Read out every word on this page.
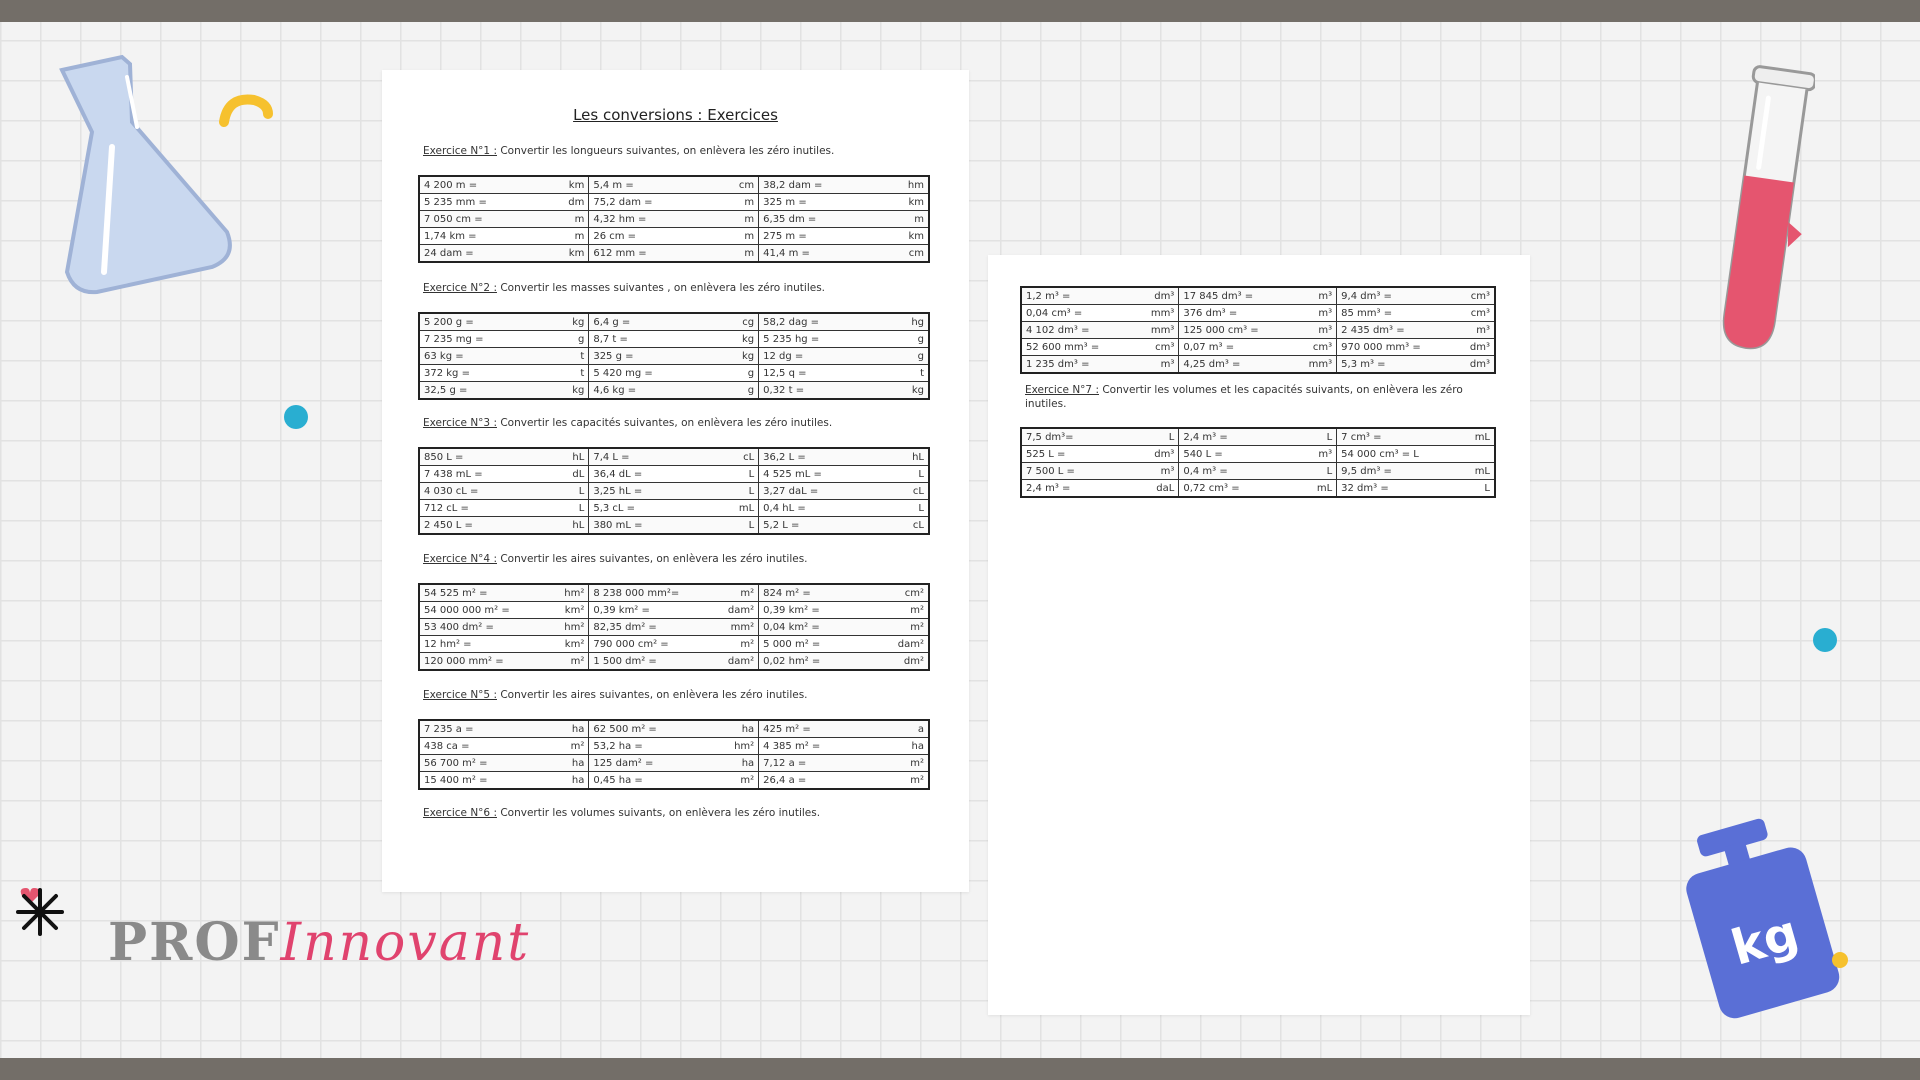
kg
PROFInnovant
Les conversions : Exercices
Exercice N°1 : Convertir les longueurs suivantes, on enlèvera les zéro inutiles.
4 200 m =	km	5,4 m =	cm	38,2 dam =	hm
5 235 mm =	dm	75,2 dam =	m	325 m =	km
7 050 cm =	m	4,32 hm =	m	6,35 dm =	m
1,74 km =	m	26 cm =	m	275 m =	km
24 dam =	km	612 mm =	m	41,4 m =	cm
Exercice N°2 : Convertir les masses suivantes , on enlèvera les zéro inutiles.
5 200 g =	kg	6,4 g =	cg	58,2 dag =	hg
7 235 mg =	g	8,7 t =	kg	5 235 hg =	g
63 kg =	t	325 g =	kg	12 dg =	g
372 kg =	t	5 420 mg =	g	12,5 q =	t
32,5 g =	kg	4,6 kg =	g	0,32 t =	kg
Exercice N°3 : Convertir les capacités suivantes, on enlèvera les zéro inutiles.
850 L =	hL	7,4 L =	cL	36,2 L =	hL
7 438 mL =	dL	36,4 dL =	L	4 525 mL =	L
4 030 cL =	L	3,25 hL =	L	3,27 daL =	cL
712 cL =	L	5,3 cL =	mL	0,4 hL =	L
2 450 L =	hL	380 mL =	L	5,2 L =	cL
Exercice N°4 : Convertir les aires suivantes, on enlèvera les zéro inutiles.
54 525 m² =	hm²	8 238 000 mm²=	m²	824 m² =	cm²
54 000 000 m² =	km²	0,39 km² =	dam²	0,39 km² =	m²
53 400 dm² =	hm²	82,35 dm² =	mm²	0,04 km² =	m²
12 hm² =	km²	790 000 cm² =	m²	5 000 m² =	dam²
120 000 mm² =	m²	1 500 dm² =	dam²	0,02 hm² =	dm²
Exercice N°5 : Convertir les aires suivantes, on enlèvera les zéro inutiles.
7 235 a =	ha	62 500 m² =	ha	425 m² =	a
438 ca =	m²	53,2 ha =	hm²	4 385 m² =	ha
56 700 m² =	ha	125 dam² =	ha	7,12 a =	m²
15 400 m² =	ha	0,45 ha =	m²	26,4 a =	m²
Exercice N°6 : Convertir les volumes suivants, on enlèvera les zéro inutiles.
1,2 m³ =	dm³	17 845 dm³ =	m³	9,4 dm³ =	cm³
0,04 cm³ =	mm³	376 dm³ =	m³	85 mm³ =	cm³
4 102 dm³ =	mm³	125 000 cm³ =	m³	2 435 dm³ =	m³
52 600 mm³ =	cm³	0,07 m³ =	cm³	970 000 mm³ =	dm³
1 235 dm³ =	m³	4,25 dm³ =	mm³	5,3 m³ =	dm³
Exercice N°7 : Convertir les volumes et les capacités suivants, on enlèvera les zéro inutiles.
7,5 dm³=	L	2,4 m³ =	L	7 cm³ =	mL
525 L =	dm³	540 L =	m³	54 000 cm³ = L	
7 500 L =	m³	0,4 m³ =	L	9,5 dm³ =	mL
2,4 m³ =	daL	0,72 cm³ =	mL	32 dm³ =	L
